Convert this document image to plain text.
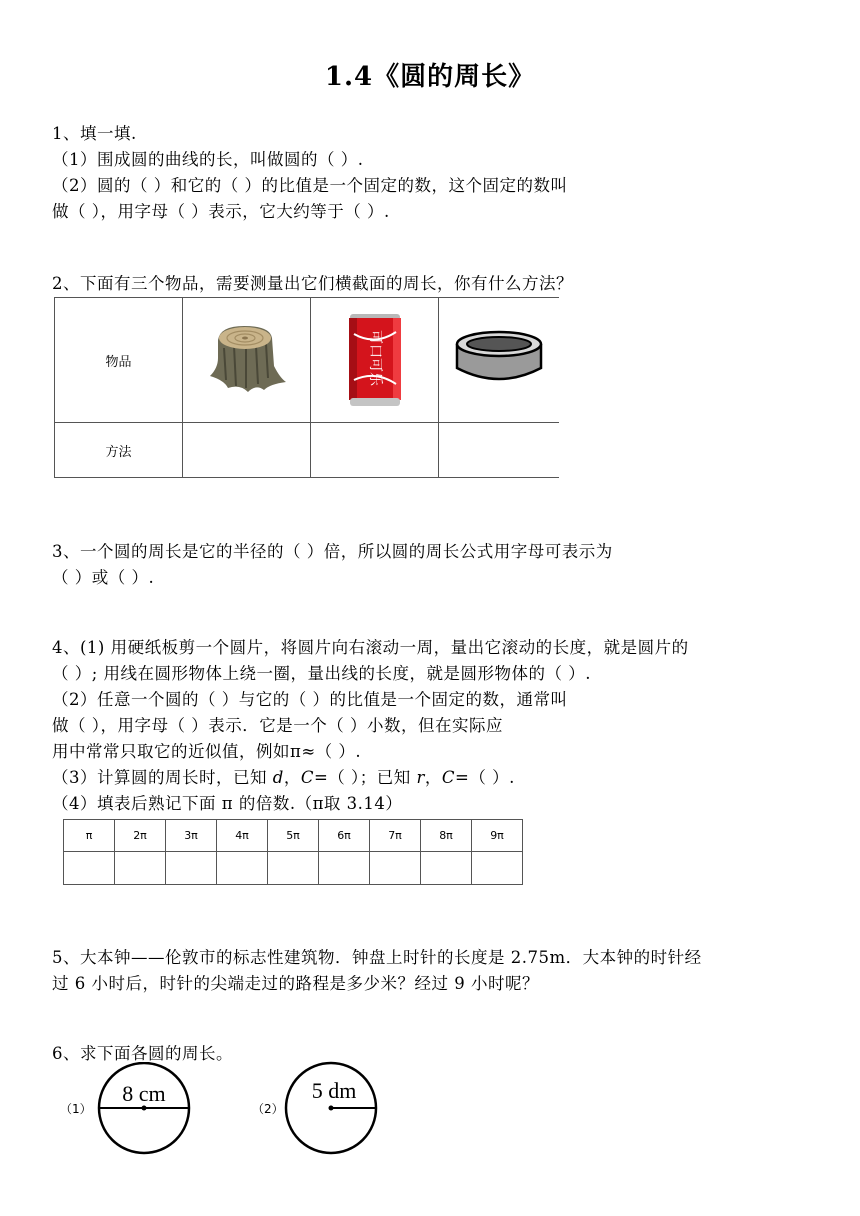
1.4《圆的周长》
1、填一填.
（1）围成圆的曲线的长，叫做圆的（ ）.
（2）圆的（ ）和它的（ ）的比值是一个固定的数，这个固定的数叫
做（ ），用字母（ ）表示，它大约等于（ ）.
2、下面有三个物品，需要测量出它们横截面的周长，你有什么方法？
物品		可口可乐

方法			
3、一个圆的周长是它的半径的（ ）倍，所以圆的周长公式用字母可表示为
（ ）或（ ）.
4、(1) 用硬纸板剪一个圆片，将圆片向右滚动一周，量出它滚动的长度，就是圆片的
（ ）; 用线在圆形物体上绕一圈，量出线的长度，就是圆形物体的（ ）.
（2）任意一个圆的（ ）与它的（ ）的比值是一个固定的数，通常叫
做（ ），用字母（ ）表示．它是一个（ ）小数，但在实际应
用中常常只取它的近似值，例如π≈（ ）.
（3）计算圆的周长时，已知 d，C=（ ）；已知 r，C=（ ）.
（4）填表后熟记下面 π 的倍数.（π取 3.14）
π	2π	3π	4π	5π	6π	7π	8π	9π

5、大本钟——伦敦市的标志性建筑物．钟盘上时针的长度是 2.75m．大本钟的时针经
过 6 小时后，时针的尖端走过的路程是多少米？经过 9 小时呢？
6、求下面各圆的周长。
（1）
8 cm
（2）
5 dm
